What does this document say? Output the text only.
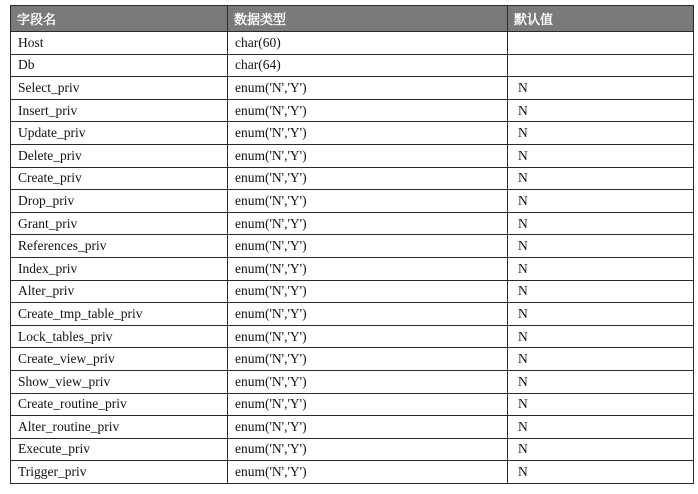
字段名	数据类型	默认值
Host	char(60)	
Db	char(64)	
Select_priv	enum('N','Y')	N
Insert_priv	enum('N','Y')	N
Update_priv	enum('N','Y')	N
Delete_priv	enum('N','Y')	N
Create_priv	enum('N','Y')	N
Drop_priv	enum('N','Y')	N
Grant_priv	enum('N','Y')	N
References_priv	enum('N','Y')	N
Index_priv	enum('N','Y')	N
Alter_priv	enum('N','Y')	N
Create_tmp_table_priv	enum('N','Y')	N
Lock_tables_priv	enum('N','Y')	N
Create_view_priv	enum('N','Y')	N
Show_view_priv	enum('N','Y')	N
Create_routine_priv	enum('N','Y')	N
Alter_routine_priv	enum('N','Y')	N
Execute_priv	enum('N','Y')	N
Trigger_priv	enum('N','Y')	N
